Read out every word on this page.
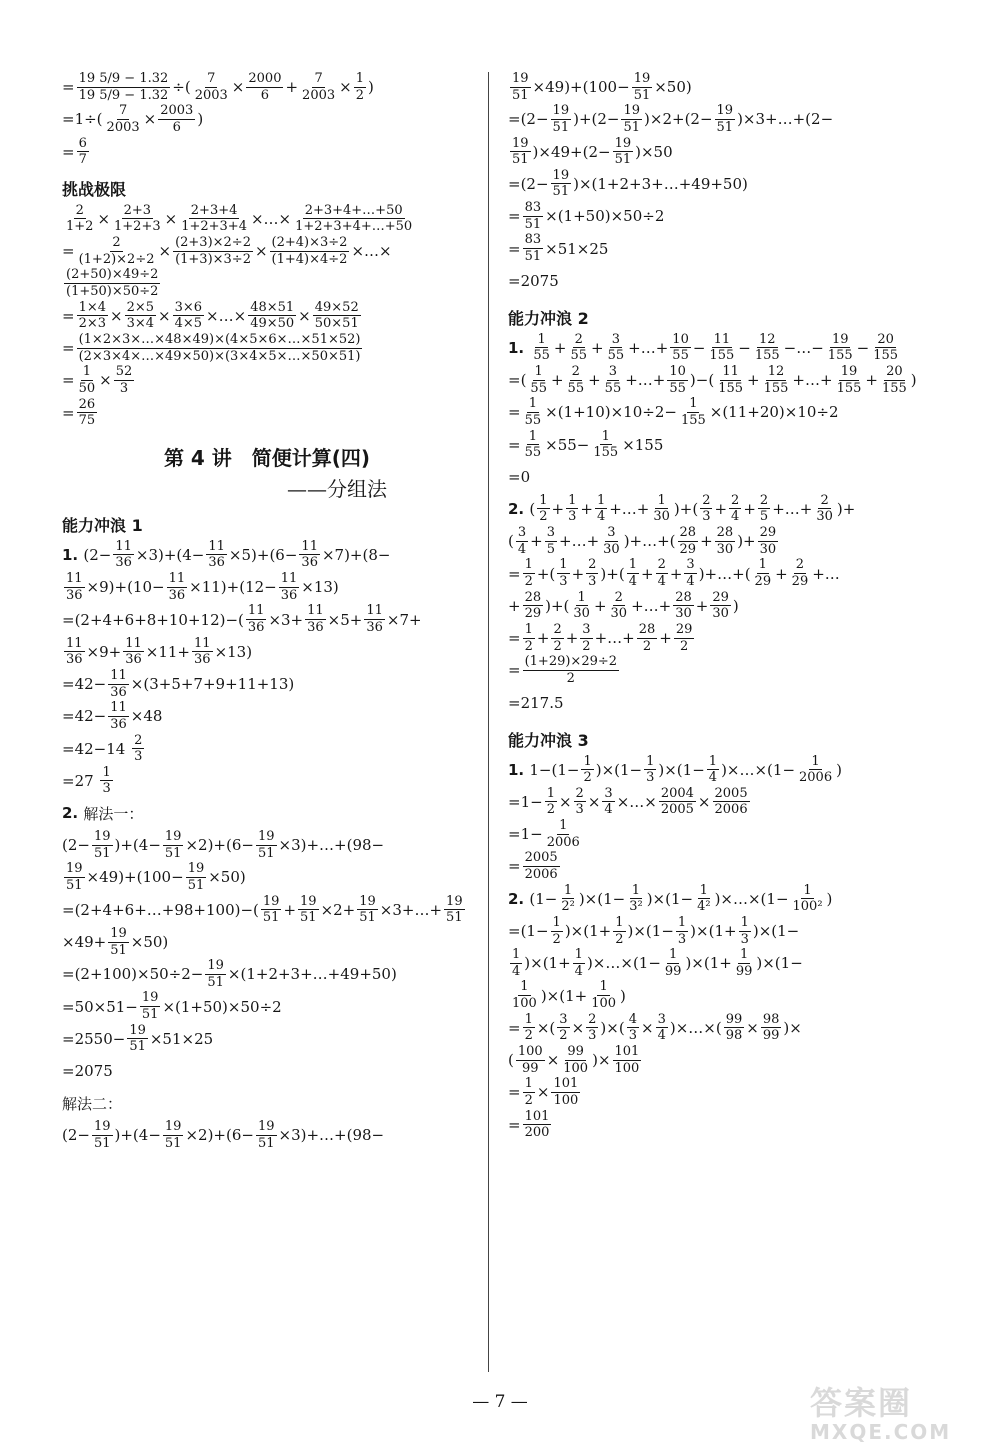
= $\frac{19 5/9 - 1.32}{19 5/9 - 1.32}$ ÷( $\frac{7}{2003} \times \frac{2000}{6} + \frac{7}{2003} \times \frac{1}{2}$ )
$=1\div( \frac{7}{2003} \times \frac{2003}{6}$ )
= $\frac{6}{7}$
挑战极限
$\frac{2}{1+2} \times \frac{2+3}{1+2+3} \times \frac{2+3+4}{1+2+3+4}$ ×…× $\frac{2+3+4+\dots+50}{1+2+3+4+\dots+50}$
= $\frac{2}{(1+2)\times 2\div 2} \times \frac{(2+3)\times 2\div 2}{(1+3)\times 3\div 2} \times \frac{(2+4)\times 3\div 2}{(1+4)\times 4\div 2}$ ×…×
$\frac{(2+50)\times 49\div 2}{(1+50)\times 50\div 2}$
= $\frac{1\times 4}{2\times 3} \times \frac{2\times 5}{3\times 4} \times \frac{3\times 6}{4\times 5}$ ×…× $\frac{48\times 51}{49\times 50} \times \frac{49\times 52}{50\times 51}$
= $\frac{(1\times 2\times 3\times\dots\times 48\times 49)\times(4\times 5\times 6\times\dots\times 51\times 52)}{(2\times 3\times 4\times\dots\times 49\times 50)\times(3\times 4\times 5\times\dots\times 50\times 51)}$
= $\frac{1}{50} \times \frac{52}{3}$
= $\frac{26}{75}$
第 4 讲　简便计算(四)
——分组法
能力冲浪 1
1. $(2- \frac{11}{36} \times 3)+(4- \frac{11}{36} \times 5)+(6- \frac{11}{36} \times 7)+(8-$
$\frac{11}{36} \times 9)+(10- \frac{11}{36} \times 11)+(12- \frac{11}{36} \times 13)$
$=(2+4+6+8+10+12)-( \frac{11}{36} \times 3+ \frac{11}{36} \times 5+ \frac{11}{36} \times 7+$
$\frac{11}{36} \times 9+ \frac{11}{36} \times 11+ \frac{11}{36} \times 13$)
$=42- \frac{11}{36} \times(3+5+7+9+11+13)$
$=42- \frac{11}{36} \times 48$
$=42-14 \frac{2}{3}$
$=27 \frac{1}{3}$
2. 解法一：
$(2- \frac{19}{51} )+(4- \frac{19}{51} \times 2)+(6- \frac{19}{51}$ ×3)+…+(98−
$\frac{19}{51} \times 49)+(100- \frac{19}{51} \times 50)$
=(2+4+6+…+98+100)−( $\frac{19}{51} + \frac{19}{51} \times 2+ \frac{19}{51}$ ×3+…+ $\frac{19}{51}$
$\times 49+ \frac{19}{51} \times 50$)
$=(2+100)\times 50\div 2- \frac{19}{51}$ ×(1+2+3+…+49+50)
$=50\times 51- \frac{19}{51} \times(1+50)\times 50\div 2$
$=2550- \frac{19}{51} \times 51\times 25$
=2075
解法二：
$(2- \frac{19}{51} )+(4- \frac{19}{51} \times 2)+(6- \frac{19}{51}$ ×3)+…+(98−
$\frac{19}{51} \times 49)+(100- \frac{19}{51} \times 50)$
$=(2- \frac{19}{51} )+(2- \frac{19}{51} )\times 2+(2- \frac{19}{51}$ )×3+…+(2−
$\frac{19}{51} )\times 49+(2- \frac{19}{51} )\times 50$
$=(2- \frac{19}{51}$ )×(1+2+3+…+49+50)
= $\frac{83}{51} \times(1+50)\times 50\div 2$
= $\frac{83}{51} \times 51\times 25$
=2075
能力冲浪 2
1. $\frac{1}{55} + \frac{2}{55} + \frac{3}{55}$ +…+ $\frac{10}{55} - \frac{11}{155} - \frac{12}{155}$ −…− $\frac{19}{155} - \frac{20}{155}$
=( $\frac{1}{55} + \frac{2}{55} + \frac{3}{55}$ +…+ $\frac{10}{55}$ )−( $\frac{11}{155} + \frac{12}{155}$ +…+ $\frac{19}{155} + \frac{20}{155}$ )
= $\frac{1}{55} \times(1+10)\times 10\div 2- \frac{1}{155} \times(11+20)\times 10\div 2$
= $\frac{1}{55} \times 55- \frac{1}{155} \times 155$
=0
2. ( $\frac{1}{2} + \frac{1}{3} + \frac{1}{4}$ +…+ $\frac{1}{30}$ )+( $\frac{2}{3} + \frac{2}{4} + \frac{2}{5}$ +…+ $\frac{2}{30}$ )+
( $\frac{3}{4} + \frac{3}{5}$ +…+ $\frac{3}{30}$ )+…+( $\frac{28}{29} + \frac{28}{30}$ )+ $\frac{29}{30}$
= $\frac{1}{2}$ +( $\frac{1}{3} + \frac{2}{3}$ )+( $\frac{1}{4} + \frac{2}{4} + \frac{3}{4}$ )+…+( $\frac{1}{29} + \frac{2}{29}$ +…
+ $\frac{28}{29}$ )+( $\frac{1}{30} + \frac{2}{30}$ +…+ $\frac{28}{30} + \frac{29}{30}$ )
= $\frac{1}{2} + \frac{2}{2} + \frac{3}{2}$ +…+ $\frac{28}{2} + \frac{29}{2}$
= $\frac{(1+29)\times 29\div 2}{2}$
=217.5
能力冲浪 3
1. $1-(1- \frac{1}{2} )\times(1- \frac{1}{3} )\times(1- \frac{1}{4}$ )×…×(1− $\frac{1}{2006}$ )
$=1- \frac{1}{2} \times \frac{2}{3} \times \frac{3}{4}$ ×…× $\frac{2004}{2005} \times \frac{2005}{2006}$
$=1- \frac{1}{2006}$
= $\frac{2005}{2006}$
2. $(1- \frac{1}{\text{2²}} )\times(1- \frac{1}{\text{3²}} )\times(1- \frac{1}{\text{4²}}$ )×…×(1− $\frac{1}{\text{100²}}$ )
$=(1- \frac{1}{2} )\times(1+ \frac{1}{2} )\times(1- \frac{1}{3} )\times(1+ \frac{1}{3} )\times(1-$
$\frac{1}{4} )\times(1+ \frac{1}{4}$ )×…×(1− $\frac{1}{99} )\times(1+ \frac{1}{99} )\times(1-$
$\frac{1}{100} )\times(1+ \frac{1}{100}$ )
= $\frac{1}{2}$ ×( $\frac{3}{2} \times \frac{2}{3}$ )×( $\frac{4}{3} \times \frac{3}{4}$ )×…×( $\frac{99}{98} \times \frac{98}{99}$ )×
( $\frac{100}{99} \times \frac{99}{100}$ )× $\frac{101}{100}$
= $\frac{1}{2} \times \frac{101}{100}$
= $\frac{101}{200}$
— 7 —	答案圈
MXQE.COM
